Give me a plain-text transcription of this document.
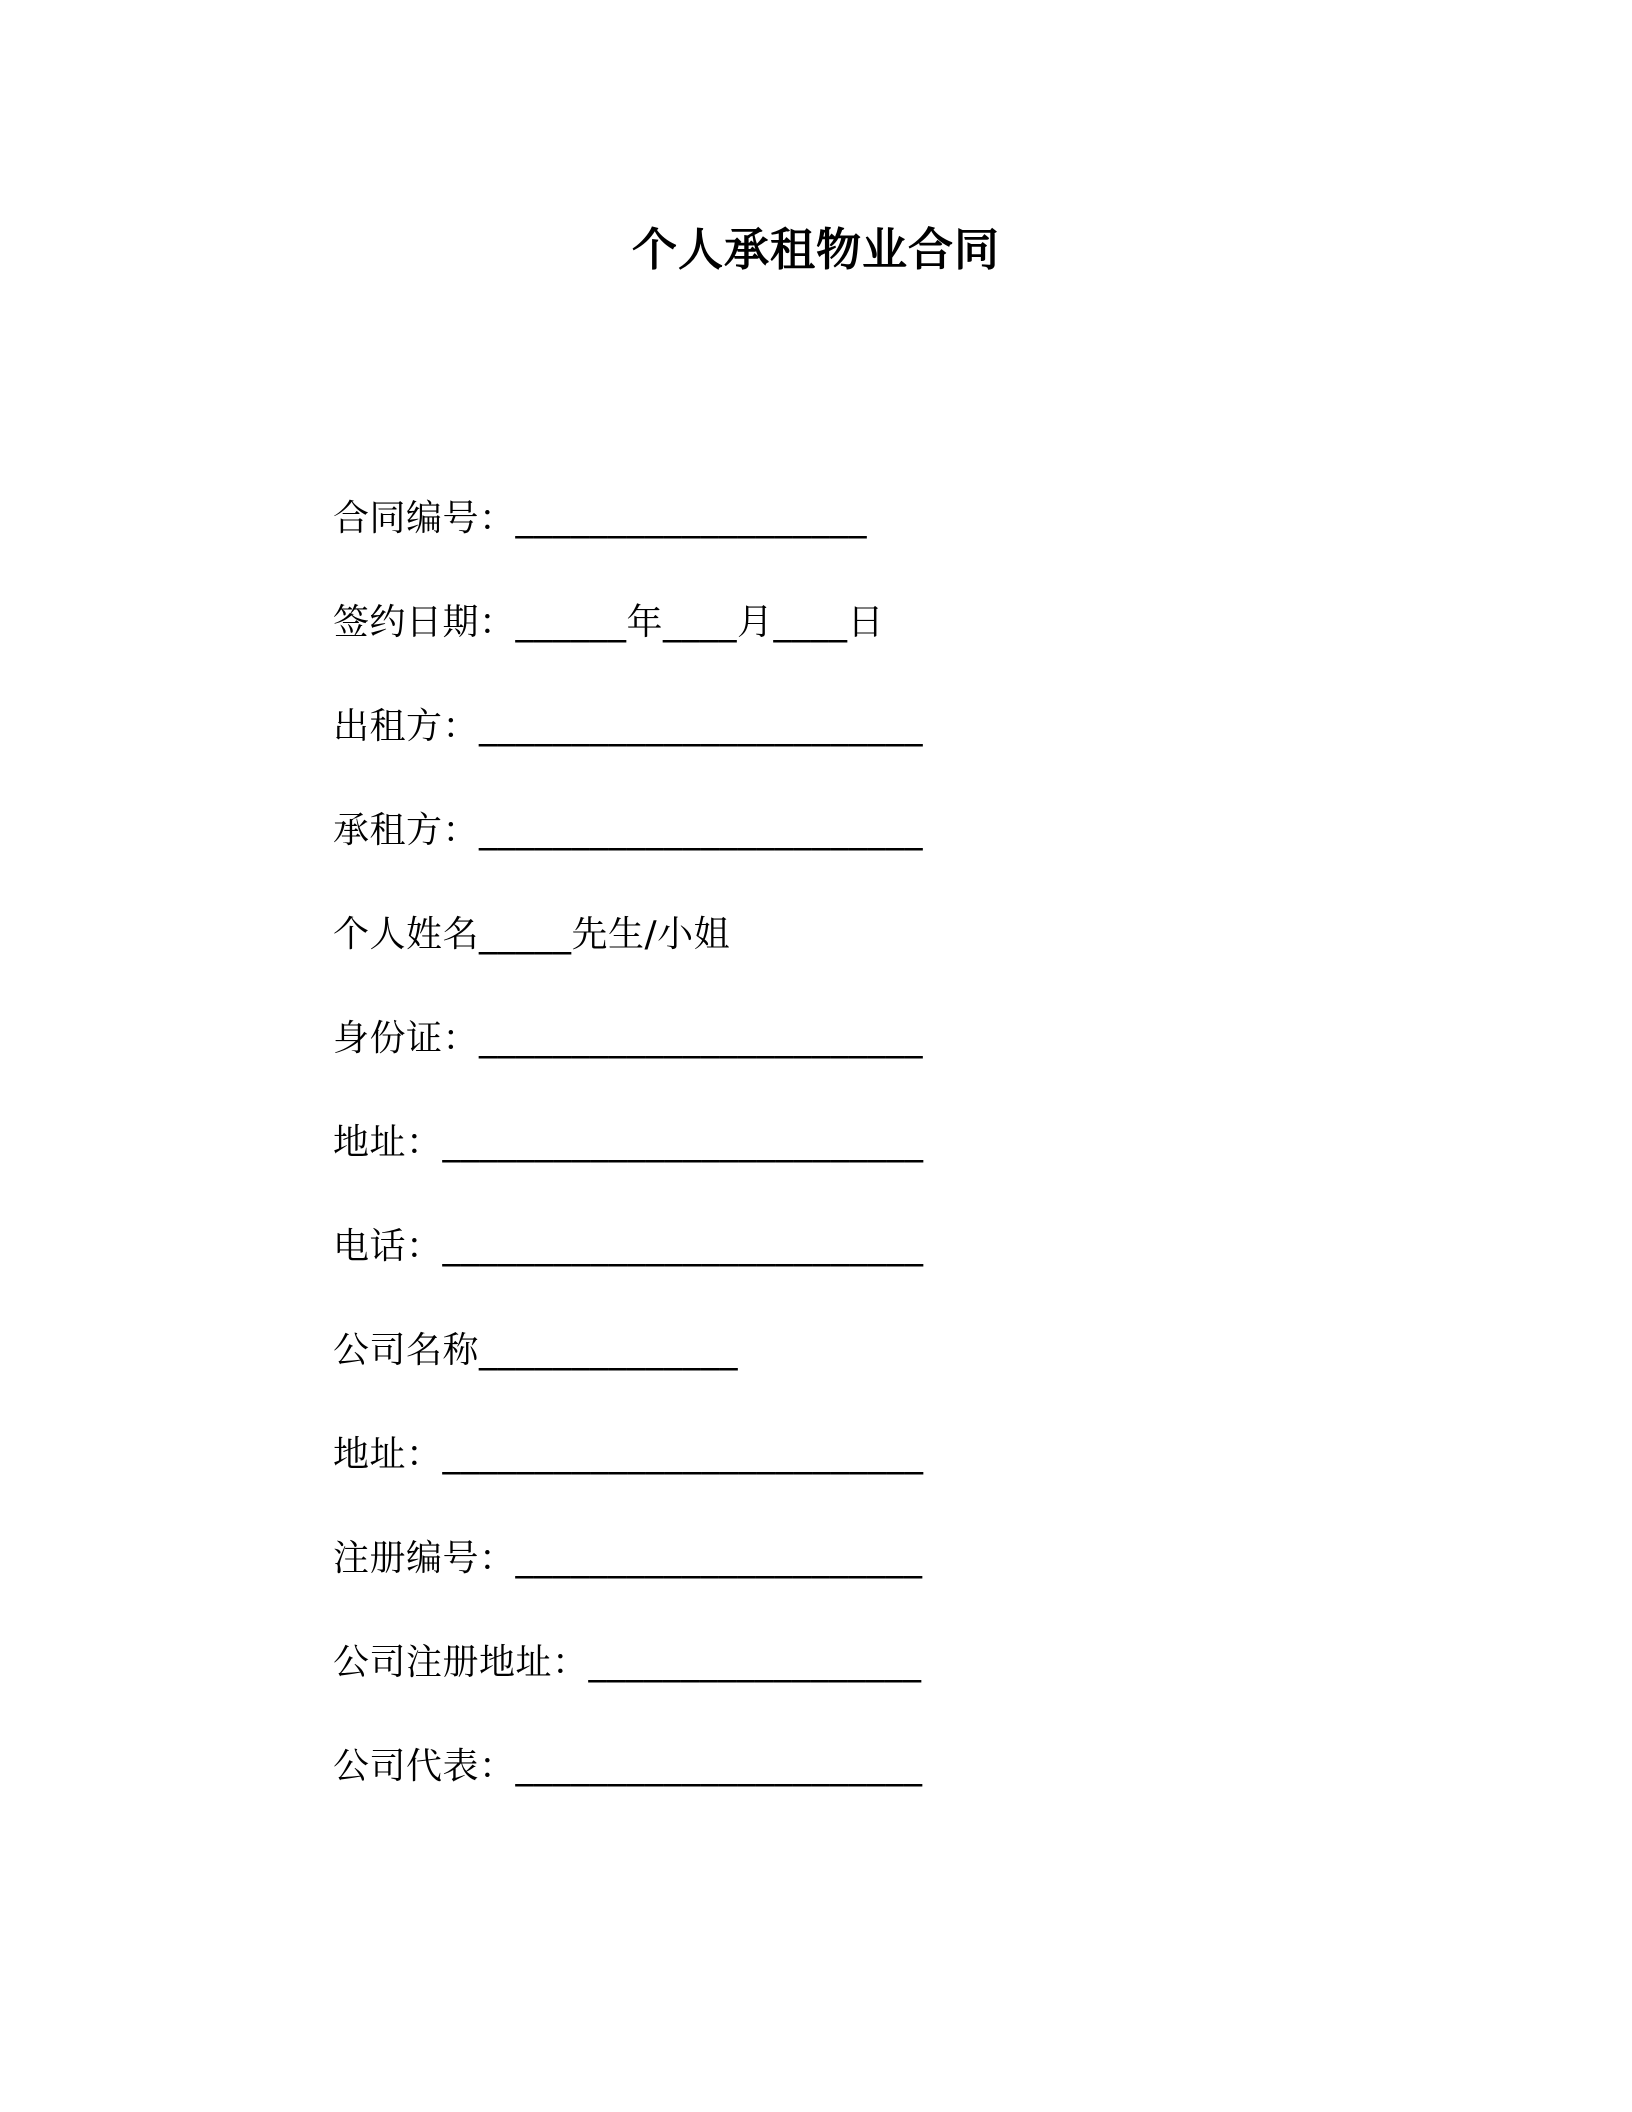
个人承租物业合同
合同编号：___________________
签约日期：______年____月____日
出租方：________________________
承租方：________________________
个人姓名_____先生/小姐
身份证：________________________
地址：__________________________
电话：__________________________
公司名称______________
地址：__________________________
注册编号：______________________
公司注册地址：__________________
公司代表：______________________
